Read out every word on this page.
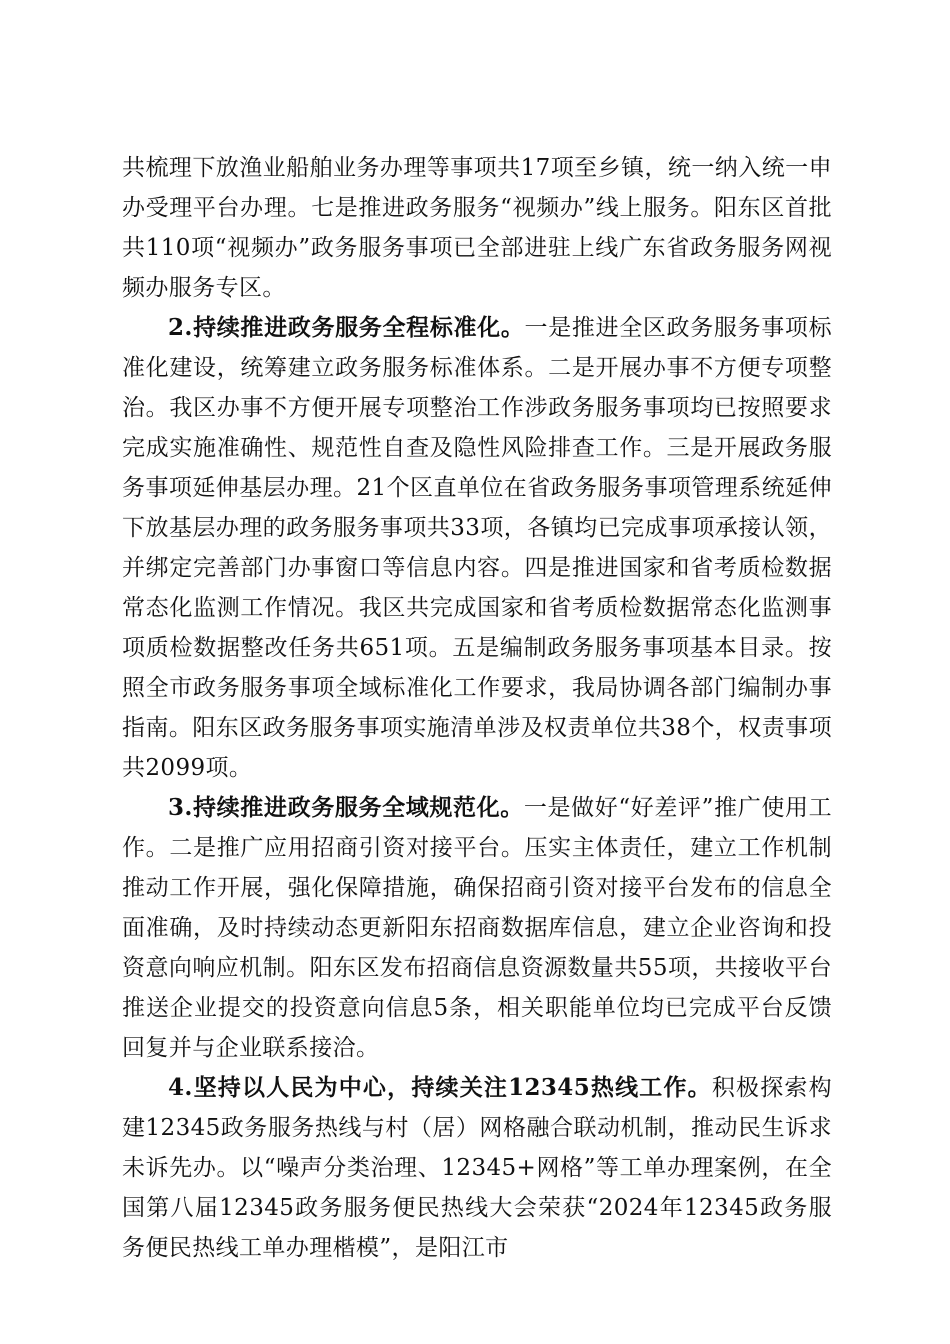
共梳理下放渔业船舶业务办理等事项共17项至乡镇，统一纳入统一申办受理平台办理。七是推进政务服务“视频办”线上服务。阳东区首批共110项“视频办”政务服务事项已全部进驻上线广东省政务服务网视频办服务专区。

2.持续推进政务服务全程标准化。一是推进全区政务服务事项标准化建设，统筹建立政务服务标准体系。二是开展办事不方便专项整治。我区办事不方便开展专项整治工作涉政务服务事项均已按照要求完成实施准确性、规范性自查及隐性风险排查工作。三是开展政务服务事项延伸基层办理。21个区直单位在省政务服务事项管理系统延伸下放基层办理的政务服务事项共33项，各镇均已完成事项承接认领，并绑定完善部门办事窗口等信息内容。四是推进国家和省考质检数据常态化监测工作情况。我区共完成国家和省考质检数据常态化监测事项质检数据整改任务共651项。五是编制政务服务事项基本目录。按照全市政务服务事项全域标准化工作要求，我局协调各部门编制办事指南。阳东区政务服务事项实施清单涉及权责单位共38个，权责事项共2099项。

3.持续推进政务服务全域规范化。一是做好“好差评”推广使用工作。二是推广应用招商引资对接平台。压实主体责任，建立工作机制推动工作开展，强化保障措施，确保招商引资对接平台发布的信息全面准确，及时持续动态更新阳东招商数据库信息，建立企业咨询和投资意向响应机制。阳东区发布招商信息资源数量共55项，共接收平台推送企业提交的投资意向信息5条，相关职能单位均已完成平台反馈回复并与企业联系接洽。

4.坚持以人民为中心，持续关注12345热线工作。积极探索构建12345政务服务热线与村（居）网格融合联动机制，推动民生诉求未诉先办。以“噪声分类治理、12345+网格”等工单办理案例，在全国第八届12345政务服务便民热线大会荣获“2024年12345政务服务便民热线工单办理楷模”，是阳江市
